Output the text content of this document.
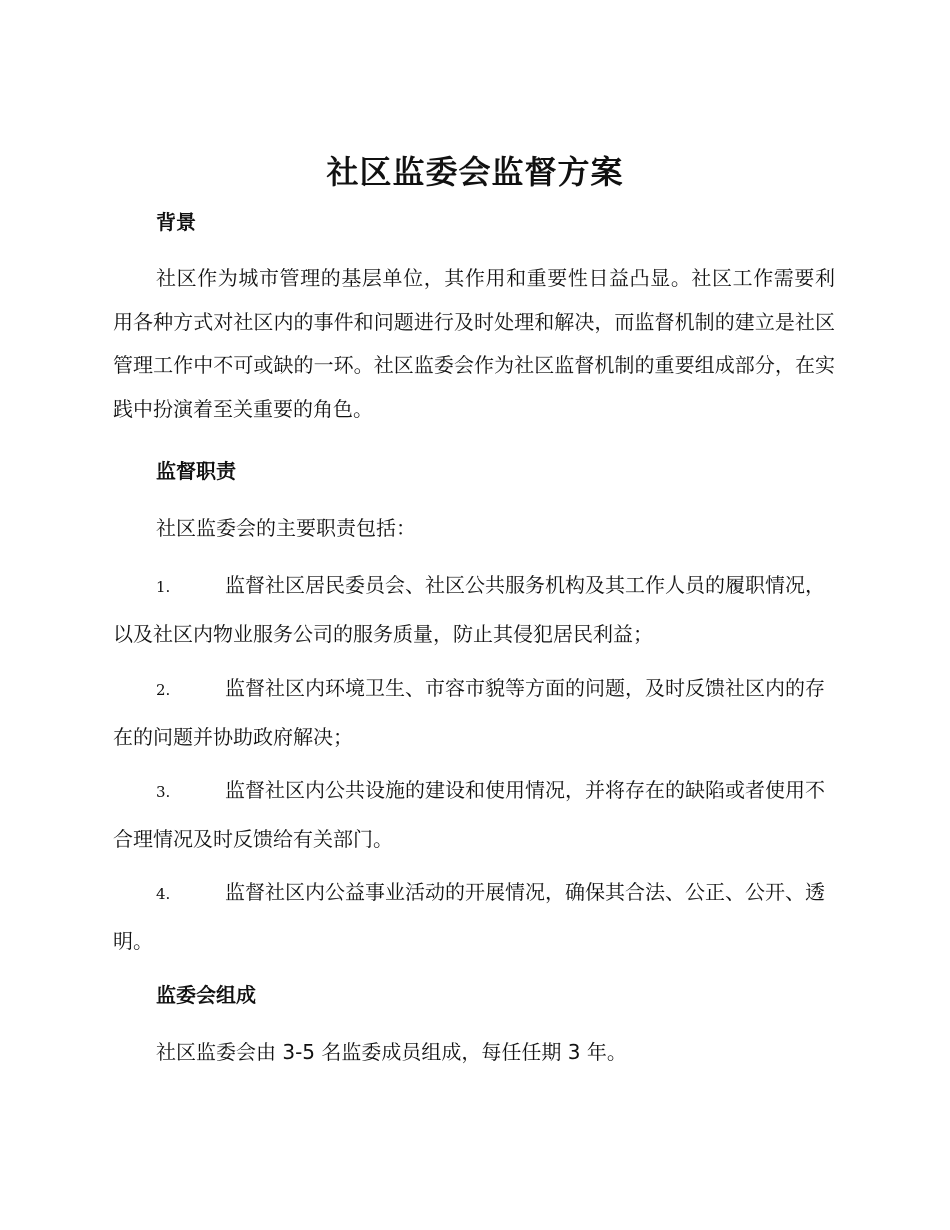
社区监委会监督方案
背景

社区作为城市管理的基层单位，其作用和重要性日益凸显。社区工作需要利用各种方式对社区内的事件和问题进行及时处理和解决，而监督机制的建立是社区管理工作中不可或缺的一环。社区监委会作为社区监督机制的重要组成部分，在实践中扮演着至关重要的角色。

监督职责

社区监委会的主要职责包括：

1.	监督社区居民委员会、社区公共服务机构及其工作人员的履职情况，以及社区内物业服务公司的服务质量，防止其侵犯居民利益；

2.	监督社区内环境卫生、市容市貌等方面的问题，及时反馈社区内的存在的问题并协助政府解决；

3.	监督社区内公共设施的建设和使用情况，并将存在的缺陷或者使用不合理情况及时反馈给有关部门。

4.	监督社区内公益事业活动的开展情况，确保其合法、公正、公开、透明。

监委会组成

社区监委会由 3-5 名监委成员组成，每任任期 3 年。
